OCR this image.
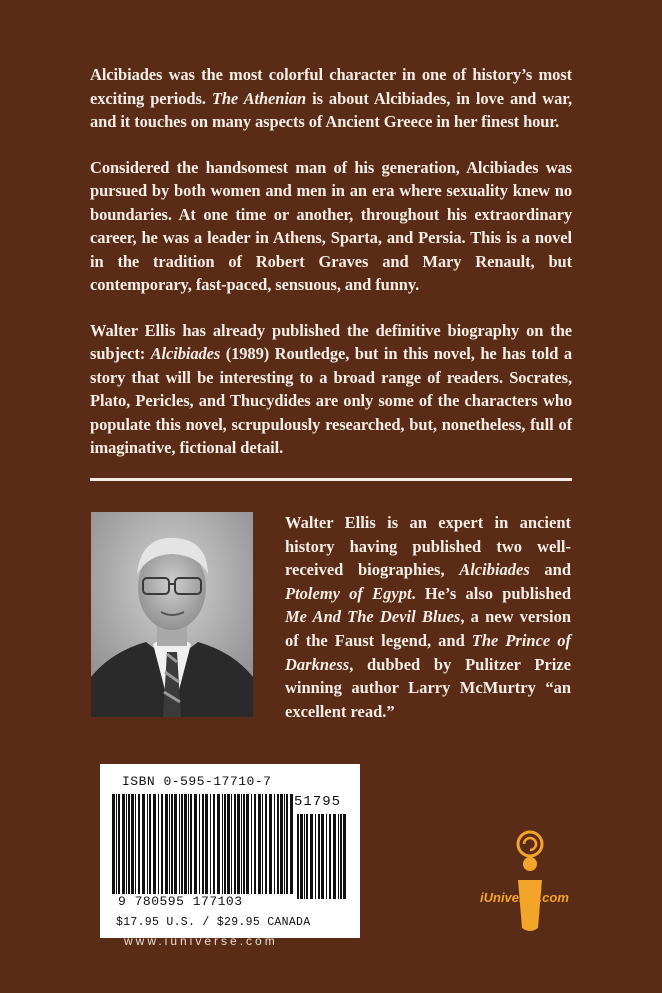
Alcibiades was the most colorful character in one of history’s most exciting periods. The Athenian is about Alcibiades, in love and war, and it touches on many aspects of Ancient Greece in her finest hour.

Considered the handsomest man of his generation, Alcibiades was pursued by both women and men in an era where sexuality knew no boundaries. At one time or another, throughout his extraordinary career, he was a leader in Athens, Sparta, and Persia. This is a novel in the tradition of Robert Graves and Mary Renault, but contemporary, fast-paced, sensuous, and funny.

Walter Ellis has already published the definitive biography on the subject: Alcibiades (1989) Routledge, but in this novel, he has told a story that will be interesting to a broad range of readers. Socrates, Plato, Pericles, and Thucydides are only some of the characters who populate this novel, scrupulously researched, but, nonetheless, full of imaginative, fictional detail.

Walter Ellis is an expert in ancient history having published two well-received biographies, Alcibiades and Ptolemy of Egypt. He’s also published Me And The Devil Blues, a new version of the Faust legend, and The Prince of Darkness, dubbed by Pulitzer Prize winning author Larry McMurtry “an excellent read.”
ISBN 0-595-17710-7
51795
9 780595 177103
$17.95 U.S. / $29.95 CANADA
www.iuniverse.com
iUniverse.com
